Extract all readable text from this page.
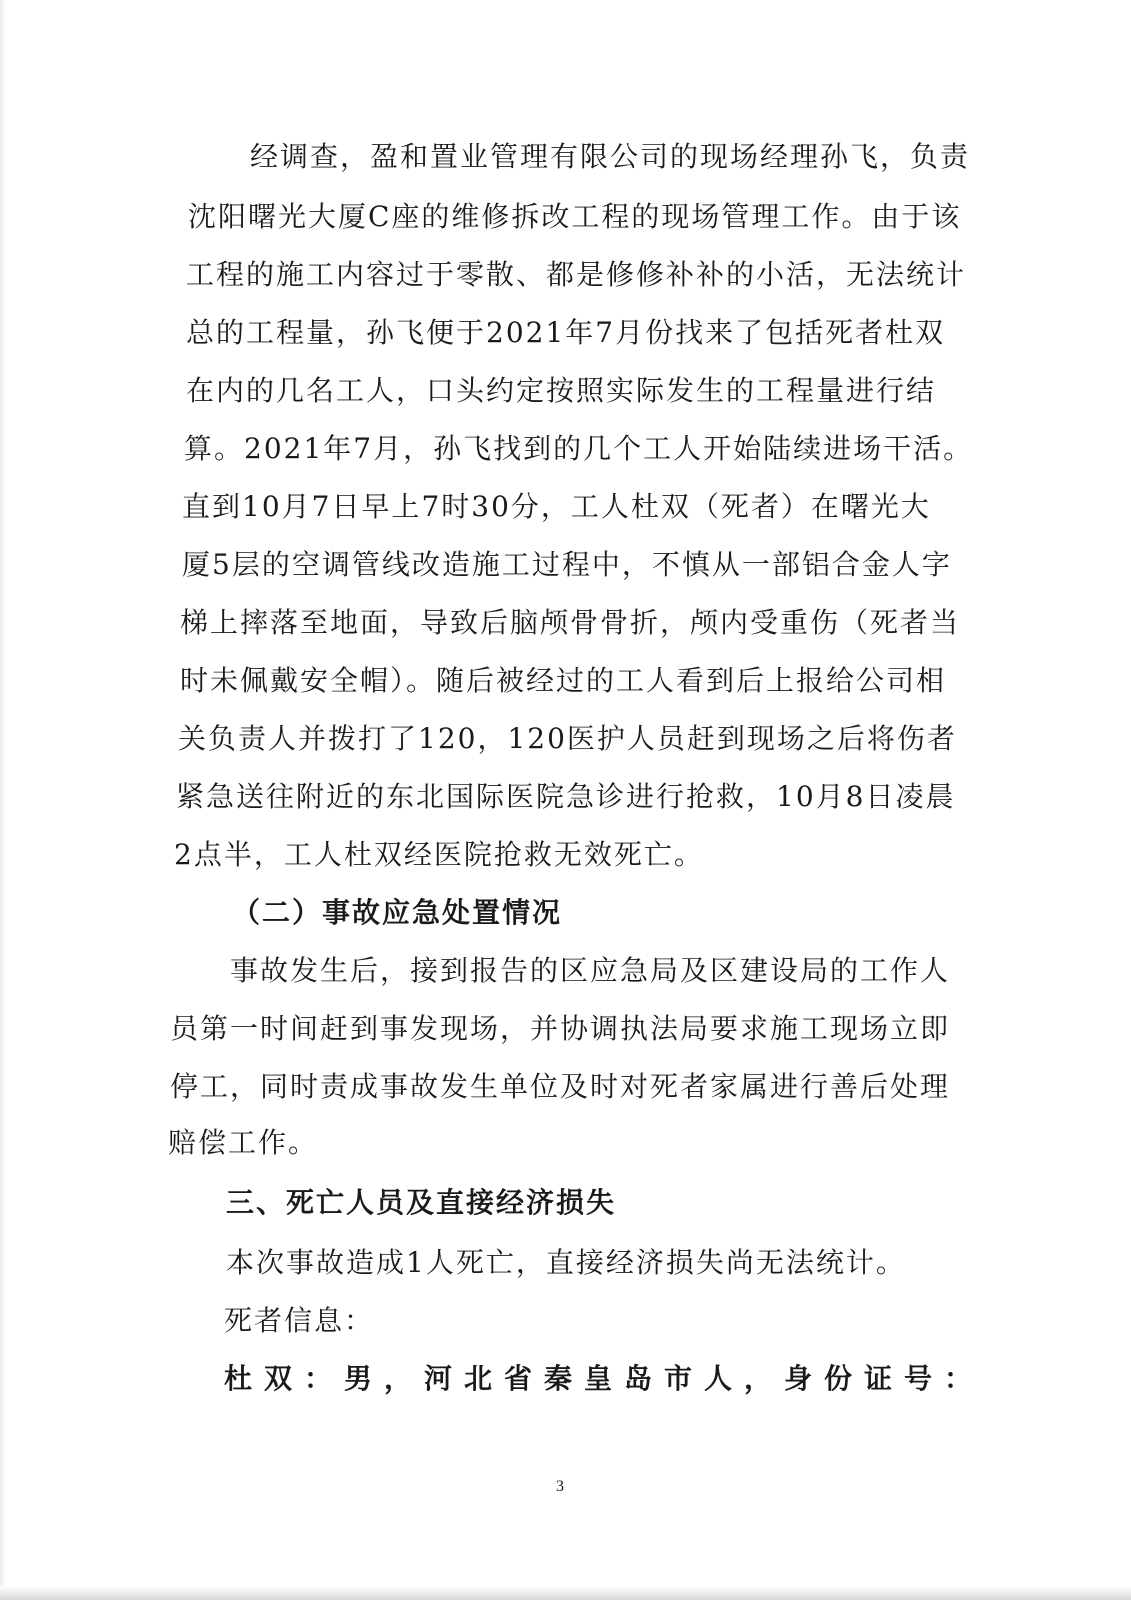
经调查，盈和置业管理有限公司的现场经理孙飞，负责
沈阳曙光大厦C座的维修拆改工程的现场管理工作。由于该
工程的施工内容过于零散、都是修修补补的小活，无法统计
总的工程量，孙飞便于2021年7月份找来了包括死者杜双
在内的几名工人，口头约定按照实际发生的工程量进行结
算。2021年7月，孙飞找到的几个工人开始陆续进场干活。
直到10月7日早上7时30分，工人杜双（死者）在曙光大
厦5层的空调管线改造施工过程中，不慎从一部铝合金人字
梯上摔落至地面，导致后脑颅骨骨折，颅内受重伤（死者当
时未佩戴安全帽）。随后被经过的工人看到后上报给公司相
关负责人并拨打了120，120医护人员赶到现场之后将伤者
紧急送往附近的东北国际医院急诊进行抢救，10月8日凌晨
2点半，工人杜双经医院抢救无效死亡。
（二）事故应急处置情况
事故发生后，接到报告的区应急局及区建设局的工作人
员第一时间赶到事发现场，并协调执法局要求施工现场立即
停工，同时责成事故发生单位及时对死者家属进行善后处理
赔偿工作。
三、死亡人员及直接经济损失
本次事故造成1人死亡，直接经济损失尚无法统计。
死者信息：
杜双：男，河北省秦皇岛市人，身份证号：
3
